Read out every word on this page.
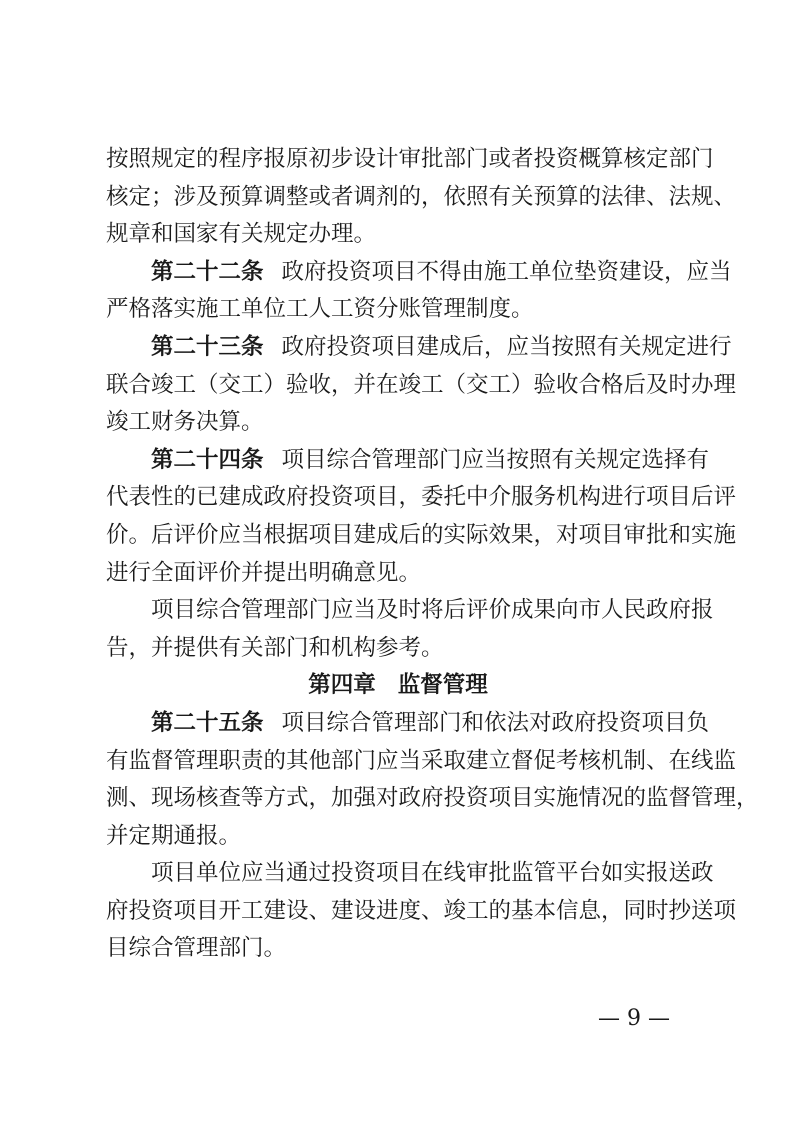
按照规定的程序报原初步设计审批部门或者投资概算核定部门
核定；涉及预算调整或者调剂的，依照有关预算的法律、法规、
规章和国家有关规定办理。
第二十二条 政府投资项目不得由施工单位垫资建设，应当
严格落实施工单位工人工资分账管理制度。
第二十三条 政府投资项目建成后，应当按照有关规定进行
联合竣工（交工）验收，并在竣工（交工）验收合格后及时办理
竣工财务决算。
第二十四条 项目综合管理部门应当按照有关规定选择有
代表性的已建成政府投资项目，委托中介服务机构进行项目后评
价。后评价应当根据项目建成后的实际效果，对项目审批和实施
进行全面评价并提出明确意见。
项目综合管理部门应当及时将后评价成果向市人民政府报
告，并提供有关部门和机构参考。
第四章 监督管理
第二十五条 项目综合管理部门和依法对政府投资项目负
有监督管理职责的其他部门应当采取建立督促考核机制、在线监
测、现场核查等方式，加强对政府投资项目实施情况的监督管理，
并定期通报。
项目单位应当通过投资项目在线审批监管平台如实报送政
府投资项目开工建设、建设进度、竣工的基本信息，同时抄送项
目综合管理部门。
— 9 —
